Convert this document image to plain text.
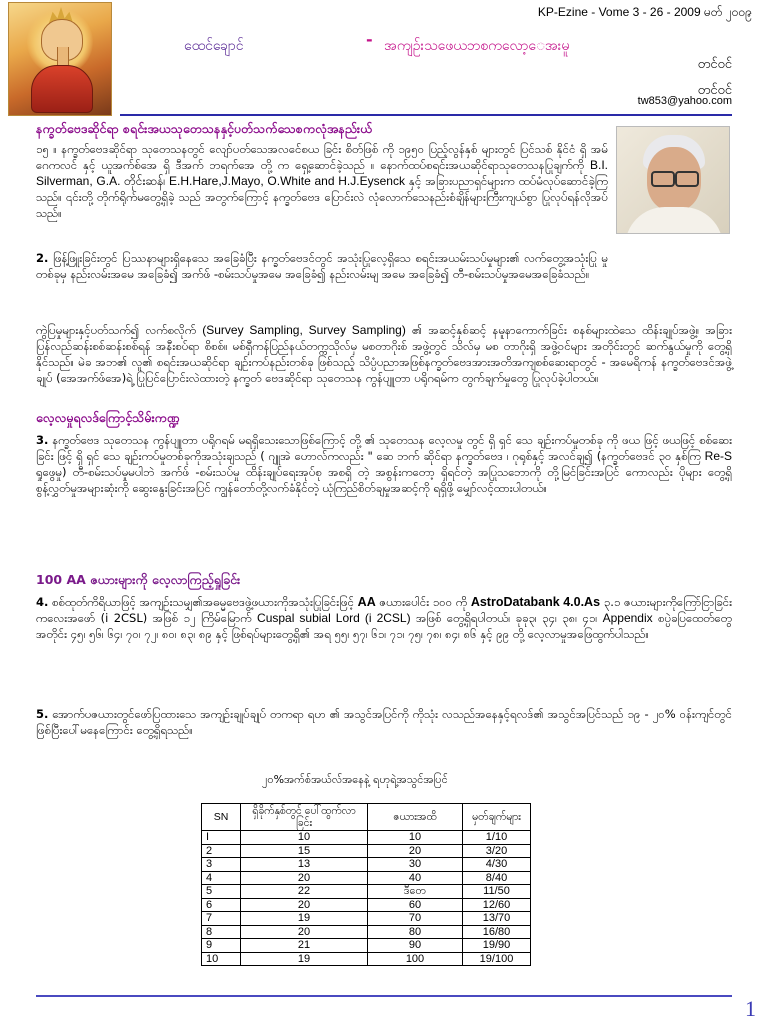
KP-Ezine - Vome 3 - 26 - 2009 မတ် ၂၀၀၉
ထေင်ချောင်	- အကျဉ်းသဖေယဘစကလော့ေအးမူ
တင်ဝင်
တင်ဝင်
tw853@yahoo.com
နက္ခတ်ဗေဒဆိုင်ရာ စရင်းအယသုတေသနနှင့်ပတ်သက်သေစကလုံအနည်းယ်

၁၅ ။ နက္ခတ်ဗေဒဆိုင်ရာ သုတေသနတွင် လျော်ပတ်သေအလင်ေစယ ခြင်း စိတ်ဖြစ် ကို ၁၉၅၀ ပြည့်လွန်နှစ် များတွင် ပြင်သစ် နိုင်ငံ ရှိ အမ် ဂေကလင် နှင့် ယူအက်စ်အေ ရှိ ဒီအက် ဘရက်အေ တို့ က ရှေ့ဆောင်ခဲ့သည် ။ နောက်ထပ်စရင်းအယဆိုင်ရာသုတေသနပြုချက်ကို B.I. Silverman, G.A. တိုင်းဆန်၊ E.H.Hare,J.Mayo, O.White and H.J.Eysenck နှင့် အခြားပညာရှင်များက ထပ်မံလုပ်ဆောင်ခဲ့ကြသည်။ ၎င်းတို့ တိုက်ရိုက်မတွေ့ရှိခဲ့ သည် အတွက်ကြောင့် နက္ခတ်ဗေဒ ပြောင်းလဲ လုံလောက်သေနည်းစံချိန်များကြီးကျယ်စွာ ပြုလုပ်ရန်လိုအပ်သည်။

2. ဖြန့်ဖြူးခြင်းတွင် ပြဿနာများရှိနေသေ အခြေခံပြီး နက္ခတ်ဗေဒင်တွင် အသုံးပြုလေ့ရှိသေ စရင်းအယမ်းသပ်မှုများ၏ လက်တွေ့အသုံးပြု မှုတစ်ခုမှ နည်းလမ်းအမေ အခြေခံ၍ အက်ဖ် -စမ်းသပ်မှုအမေ အခြေခံ၍ နည်းလမ်းမျ အမေ အခြေခံ၍ တီ-စမ်းသပ်မှုအမေအခြေခံသည်။

ကွဲပြမှုများနှင့်ပတ်သက်၍ လက်စလိုက် (Survey Sampling, Survey Sampling) ၏ အဆင့်နှစ်ဆင့် နမူနာကောက်ခြင်း စနစ်များထဲသေ ထိန်းချုပ်အဖွဲ့။ အခြား ပြန်လည်ဆန်းစစ်ဆန်းစစ်ရန် အနီးစပ်ရာ စိစစ်။ မစ်ရှီကန်ပြည်နယ်တက္ကသိုလ်မှ မစတာဂိုးစ် အဖွဲ့တွင် သိလ်မှ မစ တာဂိုးရှိ အဖွဲ့ဝင်များ အတိုင်းတွင် ဆက်နွယ်မှုကို တွေ့ရှိနိုင်သည်။ မဲခ အဘ၏ လူ၏ စရင်းအယဆိုင်ရာ ချဉ်းကပ်နည်းတစ်ခု ဖြစ်သည့် သိပ္ပံပညာအဖြစ်နက္ခတ်ဗေဒအားအတိအကျစစ်ဆေးရာတွင် - အမေရိကန် နက္ခတ်ဗေဒင်အဖွဲ့ချုပ် (အေအက်ဖ်အေ)ရဲ့ ပြုပြင်ပြောင်းလဲထားတဲ့ နက္ခတ် ဗေဒဆိုင်ရာ သုတေသန ကွန်ပျူတာ ပရိုဂရမ်က တွက်ချက်မှုတွေ ပြုလုပ်ခဲ့ပါတယ်။

လေ့လမှုရလဒ်ကြောင့်သိမ်းကဏ္ဍ

3. နက္ခတ်ဗေဒ သုတေသန ကွန်ပျူတာ ပရိုဂရမ် မရရှိသေးသောဖြစ်ကြောင့် တို့ ၏ သုတေသန လေ့လမှု တွင် ရှိ ရှင် သေ ချဉ်းကပ်မှုတစ်ခု ကို ဖယ ဖြင့် ဖယဖြင့် စစ်ဆေး ခြင်း ဖြင့် ရှိ ရှင် သေ ချဉ်းကပ်မှုတစ်ခုကိုအသုံးချသည် ( ဂျူအဲ ဟောလ်ကလည်း " ဆေ ဘက် ဆိုင်ရာ နက္ခတ်ဗေဒ ၊ ဂုရုစ်နှင့် အလင်ချ၍ (နက္ခတ်ဗေဒင် ၃၀ နှစ်ကြ Re-S ရှုဖွေမှု) တီ-စမ်းသပ်မှုမပါဘဲ အက်ဖ် -စမ်းသပ်မှု ထိန်းချုပ်ရေးအုပ်စု အစရှိ တဲ့ အစွန်းကတော့ ရှိရင်တဲ့ အပြုသဘောကို တို့မြင်ခြင်းအပြင် ကောလည်း ပိုများ တွေ့ရှိ စွန့်လွှတ်မှုအများဆုံးကို ဆွေးနွေးခြင်းအပြင် ကျွန်တော်တို့လက်ခံနိုင်တဲ့ ယုံကြည်စိတ်ချမှုအဆင့်ကို ရရှိဖို့ မျှော်လင့်ထားပါတယ်။

100 AA ဇယားများကို လေ့လာကြည့်ရှုခြင်း

4. စစ်ထုတ်ကိရိယာဖြင့် အကျဉ်းသမျှ၏အဓမ္မဗေဒဖွဲ့ဖယားကိုအသုံးပြုခြင်းဖြင့် AA ဇယားပေါင်း ၁၀၀ ကို AstroDatabank 4.0.As ၃.၁ ဇယားများကိုကြော်ငြာခြင်းကလေးအဖော် (i 2CSL) အဖြစ် ၁၂ ကြိမ်မြောက် Cuspal subial Lord (i 2CSL) အဖြစ် တွေ့ရှိရပါတယ်၊ ခုခု၃၊ ၃၄၊ ၃၈၊ ၄၁၊ Appendix စပ္ပဲခပြထေတ်တွေအတိုင်း ၄၅၊ ၅၆၊ ၆၄၊ ၇၀၊ ၇၂၊ ၈၀၊ ၈၃၊ ၈၉ နှင့် ဖြစ်ရပ်များတွေ့ရှိ၏ အရ ၅၅၊ ၅၇၊ ၆၁၊ ၇၁၊ ၇၅၊ ၇၈၊ ၈၄၊ ၈၆ နှင့် ၉၉ တို့ လေ့လာမှုအဖြေထွက်ပါသည်။

5. အောက်ပဇယားတွင်ဖော်ပြထားသေ အကျဉ်းချုပ်ချုပ် တကရာ ရဟ ၏ အသွင်အပြင်ကို ကိုသုံး လသည်အနေနှင့်ရလဒ်၏ အသွင်အပြင်သည် ၁၉ - ၂၀% ဝန်းကျင်တွင်ဖြစ်ပြီးပေါ်မနေကြောင်း တွေ့ရှိရသည်။

၂၀%အက်စ်အယ်လ်အနေနဲ့ ရဟုရဲ့အသွင်အပြင်
SN	ရှိခိုက်နှစ်တွင် ပေါ်ထွက်လာခြင်း	ဇယားအထိ	မှတ်ချက်များ
I	10	10	1/10
2	15	20	3/20
3	13	30	4/30
4	20	40	8/40
5	22	ဒီတေ	11/50
6	20	60	12/60
7	19	70	13/70
8	20	80	16/80
9	21	90	19/90
10	19	100	19/100
1
